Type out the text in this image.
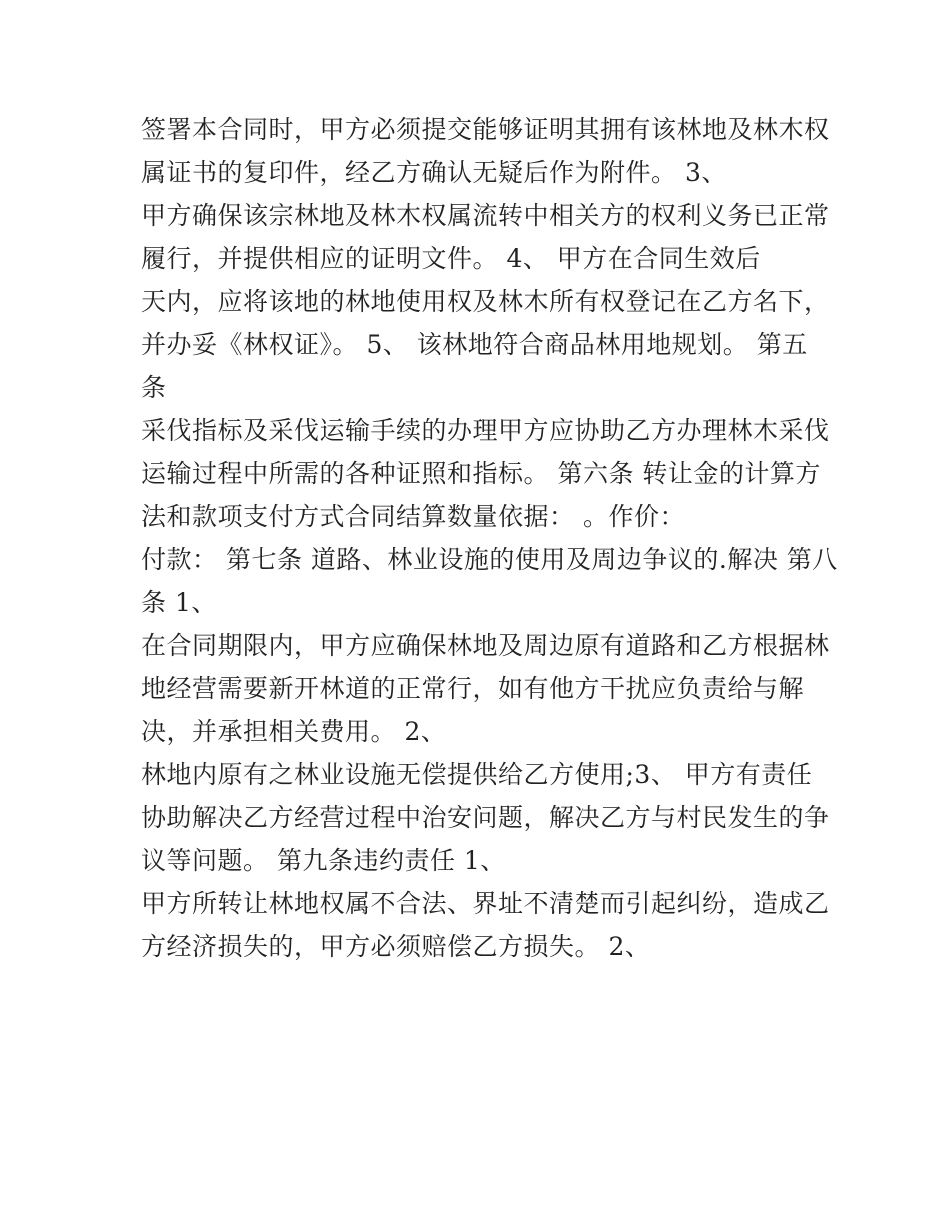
签署本合同时，甲方必须提交能够证明其拥有该林地及林木权
属证书的复印件，经乙方确认无疑后作为附件。 3、
甲方确保该宗林地及林木权属流转中相关方的权利义务已正常
履行，并提供相应的证明文件。 4、 甲方在合同生效后
天内，应将该地的林地使用权及林木所有权登记在乙方名下，
并办妥《林权证》。 5、 该林地符合商品林用地规划。 第五
条
采伐指标及采伐运输手续的办理甲方应协助乙方办理林木采伐
运输过程中所需的各种证照和指标。 第六条 转让金的计算方
法和款项支付方式合同结算数量依据： 。作价：
付款： 第七条 道路、林业设施的使用及周边争议的.解决 第八
条 1、
在合同期限内，甲方应确保林地及周边原有道路和乙方根据林
地经营需要新开林道的正常行，如有他方干扰应负责给与解
决，并承担相关费用。 2、
林地内原有之林业设施无偿提供给乙方使用;3、 甲方有责任
协助解决乙方经营过程中治安问题，解决乙方与村民发生的争
议等问题。 第九条违约责任 1、
甲方所转让林地权属不合法、界址不清楚而引起纠纷，造成乙
方经济损失的，甲方必须赔偿乙方损失。 2、
